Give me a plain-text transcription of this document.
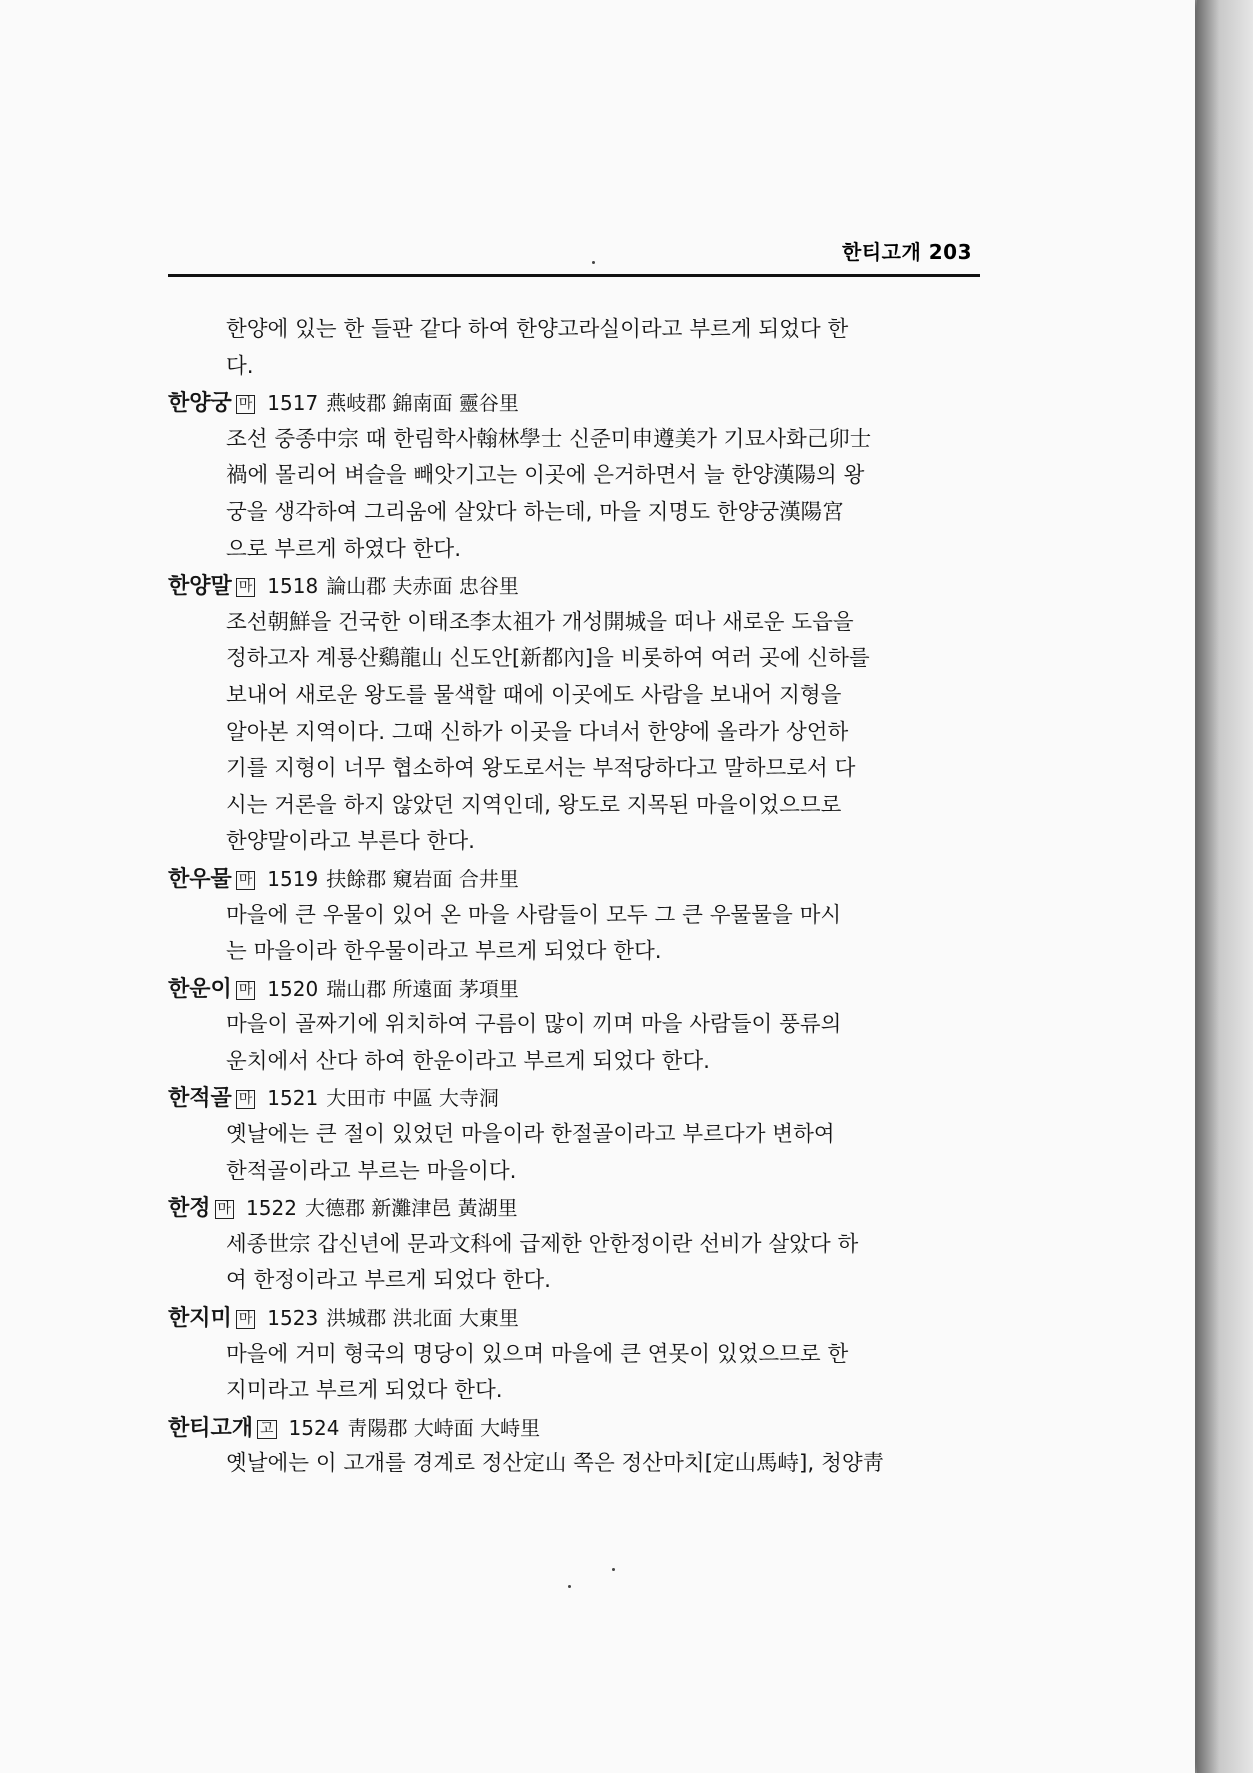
한티고개 203
한양에 있는 한 들판 같다 하여 한양고라실이라고 부르게 되었다 한
다.
한양궁 마 1517 燕岐郡 錦南面 靈谷里
조선 중종中宗 때 한림학사翰林學士 신준미申遵美가 기묘사화己卯士
禍에 몰리어 벼슬을 빼앗기고는 이곳에 은거하면서 늘 한양漢陽의 왕
궁을 생각하여 그리움에 살았다 하는데, 마을 지명도 한양궁漢陽宮
으로 부르게 하였다 한다.
한양말 마 1518 論山郡 夫赤面 忠谷里
조선朝鮮을 건국한 이태조李太祖가 개성開城을 떠나 새로운 도읍을
정하고자 계룡산鷄龍山 신도안[新都內]을 비롯하여 여러 곳에 신하를
보내어 새로운 왕도를 물색할 때에 이곳에도 사람을 보내어 지형을
알아본 지역이다. 그때 신하가 이곳을 다녀서 한양에 올라가 상언하
기를 지형이 너무 협소하여 왕도로서는 부적당하다고 말하므로서 다
시는 거론을 하지 않았던 지역인데, 왕도로 지목된 마을이었으므로
한양말이라고 부른다 한다.
한우물 마 1519 扶餘郡 窺岩面 合井里
마을에 큰 우물이 있어 온 마을 사람들이 모두 그 큰 우물물을 마시
는 마을이라 한우물이라고 부르게 되었다 한다.
한운이 마 1520 瑞山郡 所遠面 茅項里
마을이 골짜기에 위치하여 구름이 많이 끼며 마을 사람들이 풍류의
운치에서 산다 하여 한운이라고 부르게 되었다 한다.
한적골 마 1521 大田市 中區 大寺洞
옛날에는 큰 절이 있었던 마을이라 한절골이라고 부르다가 변하여
한적골이라고 부르는 마을이다.
한정 마 1522 大德郡 新灘津邑 黃湖里
세종世宗 갑신년에 문과文科에 급제한 안한정이란 선비가 살았다 하
여 한정이라고 부르게 되었다 한다.
한지미 마 1523 洪城郡 洪北面 大東里
마을에 거미 형국의 명당이 있으며 마을에 큰 연못이 있었으므로 한
지미라고 부르게 되었다 한다.
한티고개 고 1524 靑陽郡 大峙面 大峙里
옛날에는 이 고개를 경계로 정산定山 쪽은 정산마치[定山馬峙], 청양靑
